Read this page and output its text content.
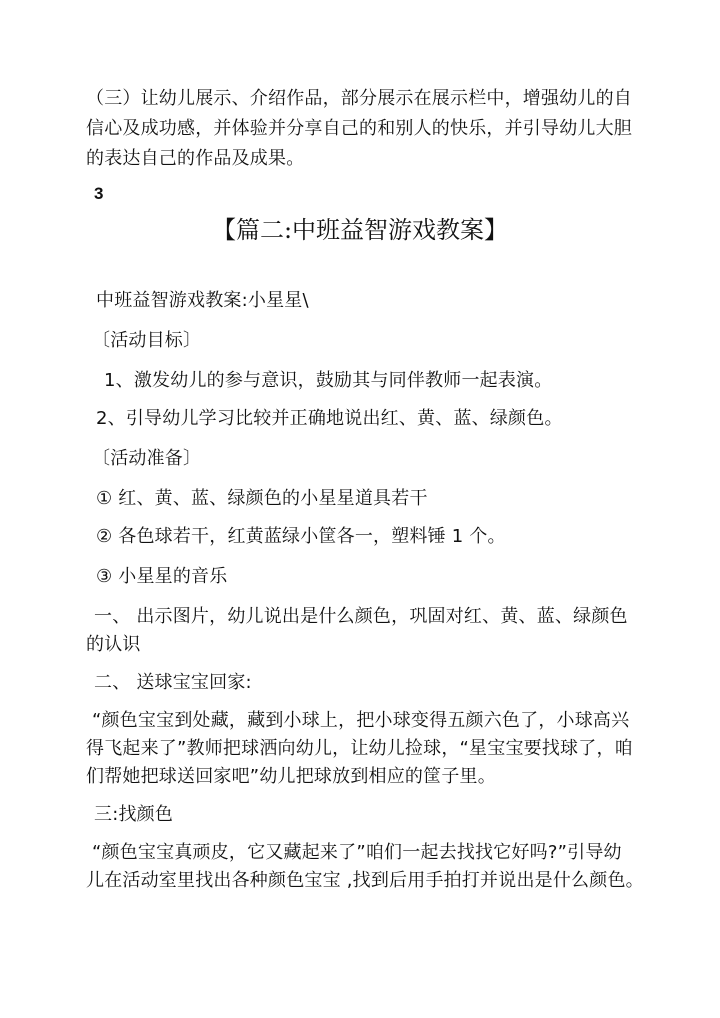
（三）让幼儿展示、介绍作品，部分展示在展示栏中，增强幼儿的自
信心及成功感，并体验并分享自己的和别人的快乐，并引导幼儿大胆
的表达自己的作品及成果。
3
【篇二:中班益智游戏教案】
中班益智游戏教案:小星星\
〔活动目标〕
1、激发幼儿的参与意识，鼓励其与同伴教师一起表演。
2、引导幼儿学习比较并正确地说出红、黄、蓝、绿颜色。
〔活动准备〕
① 红、黄、蓝、绿颜色的小星星道具若干
② 各色球若干，红黄蓝绿小筐各一，塑料锤 1 个。
③ 小星星的音乐
一、 出示图片，幼儿说出是什么颜色，巩固对红、黄、蓝、绿颜色
的认识
二、 送球宝宝回家:
“颜色宝宝到处藏，藏到小球上，把小球变得五颜六色了，小球高兴
得飞起来了”教师把球洒向幼儿，让幼儿捡球，“星宝宝要找球了，咱
们帮她把球送回家吧”幼儿把球放到相应的筐子里。
三:找颜色
“颜色宝宝真顽皮，它又藏起来了”咱们一起去找找它好吗?”引导幼
儿在活动室里找出各种颜色宝宝 ,找到后用手拍打并说出是什么颜色。
